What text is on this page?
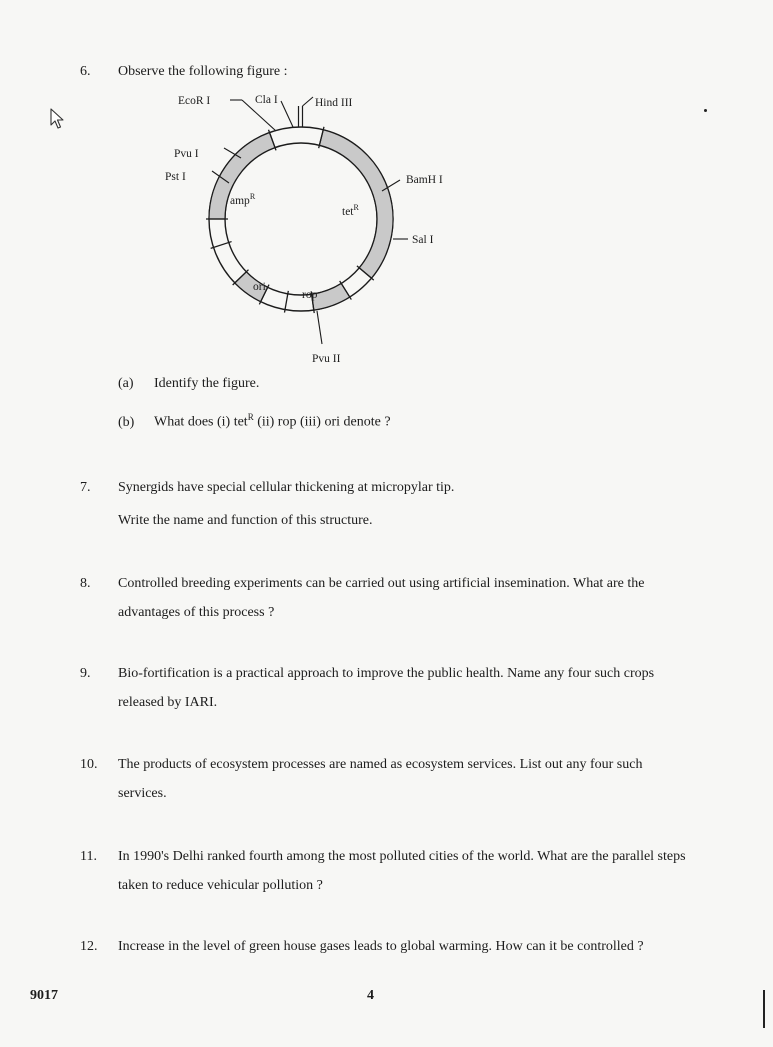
6. Observe the following figure :

Hind III
Cla I
EcoR I
Pvu I
Pst I	BamH I
Sal I
Pvu II
amp$^R$
tet$^R$
ori
rop
(a) Identify the figure.
(b) What does (i) tet$^R$ (ii) rop (iii) ori denote ?
7. Synergids have special cellular thickening at micropylar tip.

Write the name and function of this structure.

8. Controlled breeding experiments can be carried out using artificial insemination. What are the advantages of this process ?

9. Bio-fortification is a practical approach to improve the public health. Name any four such crops released by IARI.

10. The products of ecosystem processes are named as ecosystem services. List out any four such services.

11. In 1990's Delhi ranked fourth among the most polluted cities of the world. What are the parallel steps taken to reduce vehicular pollution ?

12. Increase in the level of green house gases leads to global warming. How can it be controlled ?

9017	4
